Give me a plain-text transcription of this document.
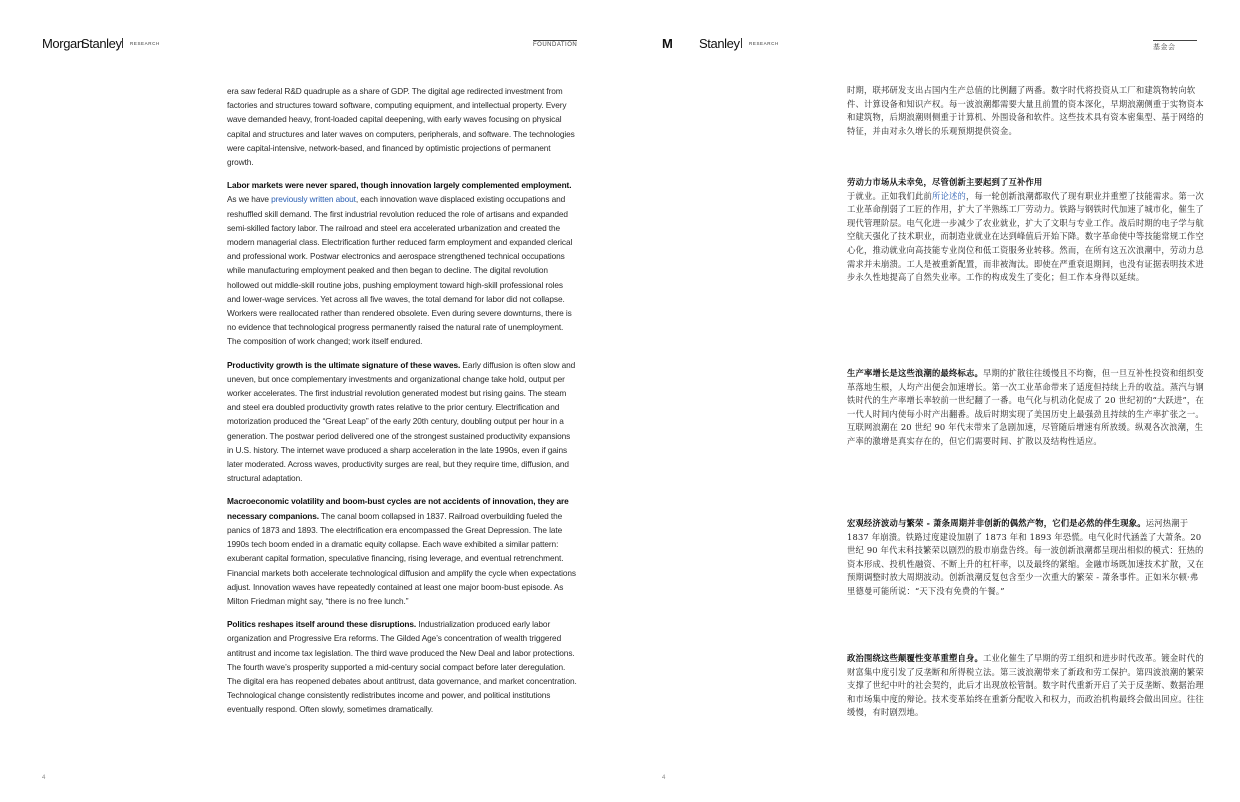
Morgan
Stanley RESEARCH	FOUNDATION

era saw federal R&D quadruple as a share of GDP. The digital age redirected investment from factories and structures toward software, computing equipment, and intellectual property. Every wave demanded heavy, front-loaded capital deepening, with early waves focusing on physical capital and structures and later waves on computers, peripherals, and software. The technologies were capital-intensive, network-based, and financed by optimistic projections of permanent growth.

Labor markets were never spared, though innovation largely complemented employment. As we have previously written about, each innovation wave displaced existing occupations and reshuffled skill demand. The first industrial revolution reduced the role of artisans and expanded semi-skilled factory labor. The railroad and steel era accelerated urbanization and created the modern managerial class. Electrification further reduced farm employment and expanded clerical and professional work. Postwar electronics and aerospace strengthened technical occupations while manufacturing employment peaked and then began to decline. The digital revolution hollowed out middle-skill routine jobs, pushing employment toward high-skill professional roles and lower-wage services. Yet across all five waves, the total demand for labor did not collapse. Workers were reallocated rather than rendered obsolete. Even during severe downturns, there is no evidence that technological progress permanently raised the natural rate of unemployment. The composition of work changed; work itself endured.

Productivity growth is the ultimate signature of these waves. Early diffusion is often slow and uneven, but once complementary investments and organizational change take hold, output per worker accelerates. The first industrial revolution generated modest but rising gains. The steam and steel era doubled productivity growth rates relative to the prior century. Electrification and motorization produced the “Great Leap” of the early 20th century, doubling output per hour in a generation. The postwar period delivered one of the strongest sustained productivity expansions in U.S. history. The internet wave produced a sharp acceleration in the late 1990s, even if gains later moderated. Across waves, productivity surges are real, but they require time, diffusion, and structural adaptation.

Macroeconomic volatility and boom-bust cycles are not accidents of innovation, they are necessary companions. The canal boom collapsed in 1837. Railroad overbuilding fueled the panics of 1873 and 1893. The electrification era encompassed the Great Depression. The late 1990s tech boom ended in a dramatic equity collapse. Each wave exhibited a similar pattern: exuberant capital formation, speculative financing, rising leverage, and eventual retrenchment. Financial markets both accelerate technological diffusion and amplify the cycle when expectations adjust. Innovation waves have repeatedly contained at least one major boom-bust episode. As Milton Friedman might say, “there is no free lunch.”

Politics reshapes itself around these disruptions. Industrialization produced early labor organization and Progressive Era reforms. The Gilded Age’s concentration of wealth triggered antitrust and income tax legislation. The third wave produced the New Deal and labor protections. The fourth wave’s prosperity supported a mid-century social compact before later deregulation. The digital era has reopened debates about antitrust, data governance, and market concentration. Technological change consistently redistributes income and power, and political institutions eventually respond. Often slowly, sometimes dramatically.

4
M Stanley RESEARCH
基金会

时期，联邦研发支出占国内生产总值的比例翻了两番。数字时代将投资从工厂和建筑物转向软件、计算设备和知识产权。每一波浪潮都需要大量且前置的资本深化，早期浪潮侧重于实物资本和建筑物，后期浪潮则侧重于计算机、外围设备和软件。这些技术具有资本密集型、基于网络的特征，并由对永久增长的乐观预期提供资金。

劳动力市场从未幸免，尽管创新主要起到了互补作用
于就业。正如我们此前所论述的，每一轮创新浪潮都取代了现有职业并重塑了技能需求。第一次工业革命削弱了工匠的作用，扩大了半熟练工厂劳动力。铁路与钢铁时代加速了城市化，催生了现代管理阶层。电气化进一步减少了农业就业，扩大了文职与专业工作。战后时期的电子学与航空航天强化了技术职业，而制造业就业在达到峰值后开始下降。数字革命使中等技能常规工作空心化，推动就业向高技能专业岗位和低工资服务业转移。然而，在所有这五次浪潮中，劳动力总需求并未崩溃。工人是被重新配置，而非被淘汰。即使在严重衰退期间，也没有证据表明技术进步永久性地提高了自然失业率。工作的构成发生了变化；但工作本身得以延续。

生产率增长是这些浪潮的最终标志。早期的扩散往往缓慢且不均衡，但一旦互补性投资和组织变革落地生根，人均产出便会加速增长。第一次工业革命带来了适度但持续上升的收益。蒸汽与钢铁时代的生产率增长率较前一世纪翻了一番。电气化与机动化促成了 20 世纪初的“大跃进”，在一代人时间内使每小时产出翻番。战后时期实现了美国历史上最强劲且持续的生产率扩张之一。互联网浪潮在 20 世纪 90 年代末带来了急剧加速，尽管随后增速有所放缓。纵观各次浪潮，生产率的激增是真实存在的，但它们需要时间、扩散以及结构性适应。

宏观经济波动与繁荣 - 萧条周期并非创新的偶然产物，它们是必然的伴生现象。运河热潮于 1837 年崩溃。铁路过度建设加剧了 1873 年和 1893 年恐慌。电气化时代涵盖了大萧条。20 世纪 90 年代末科技繁荣以剧烈的股市崩盘告终。每一波创新浪潮都呈现出相似的模式：狂热的资本形成、投机性融资、不断上升的杠杆率，以及最终的紧缩。金融市场既加速技术扩散，又在预期调整时放大周期波动。创新浪潮反复包含至少一次重大的繁荣 - 萧条事件。正如米尔顿·弗里德曼可能所说：“天下没有免费的午餐。”

政治围绕这些颠覆性变革重塑自身。工业化催生了早期的劳工组织和进步时代改革。镀金时代的财富集中度引发了反垄断和所得税立法。第三波浪潮带来了新政和劳工保护。第四波浪潮的繁荣支撑了世纪中叶的社会契约，此后才出现放松管制。数字时代重新开启了关于反垄断、数据治理和市场集中度的辩论。技术变革始终在重新分配收入和权力，而政治机构最终会做出回应。往往缓慢，有时剧烈地。

4
